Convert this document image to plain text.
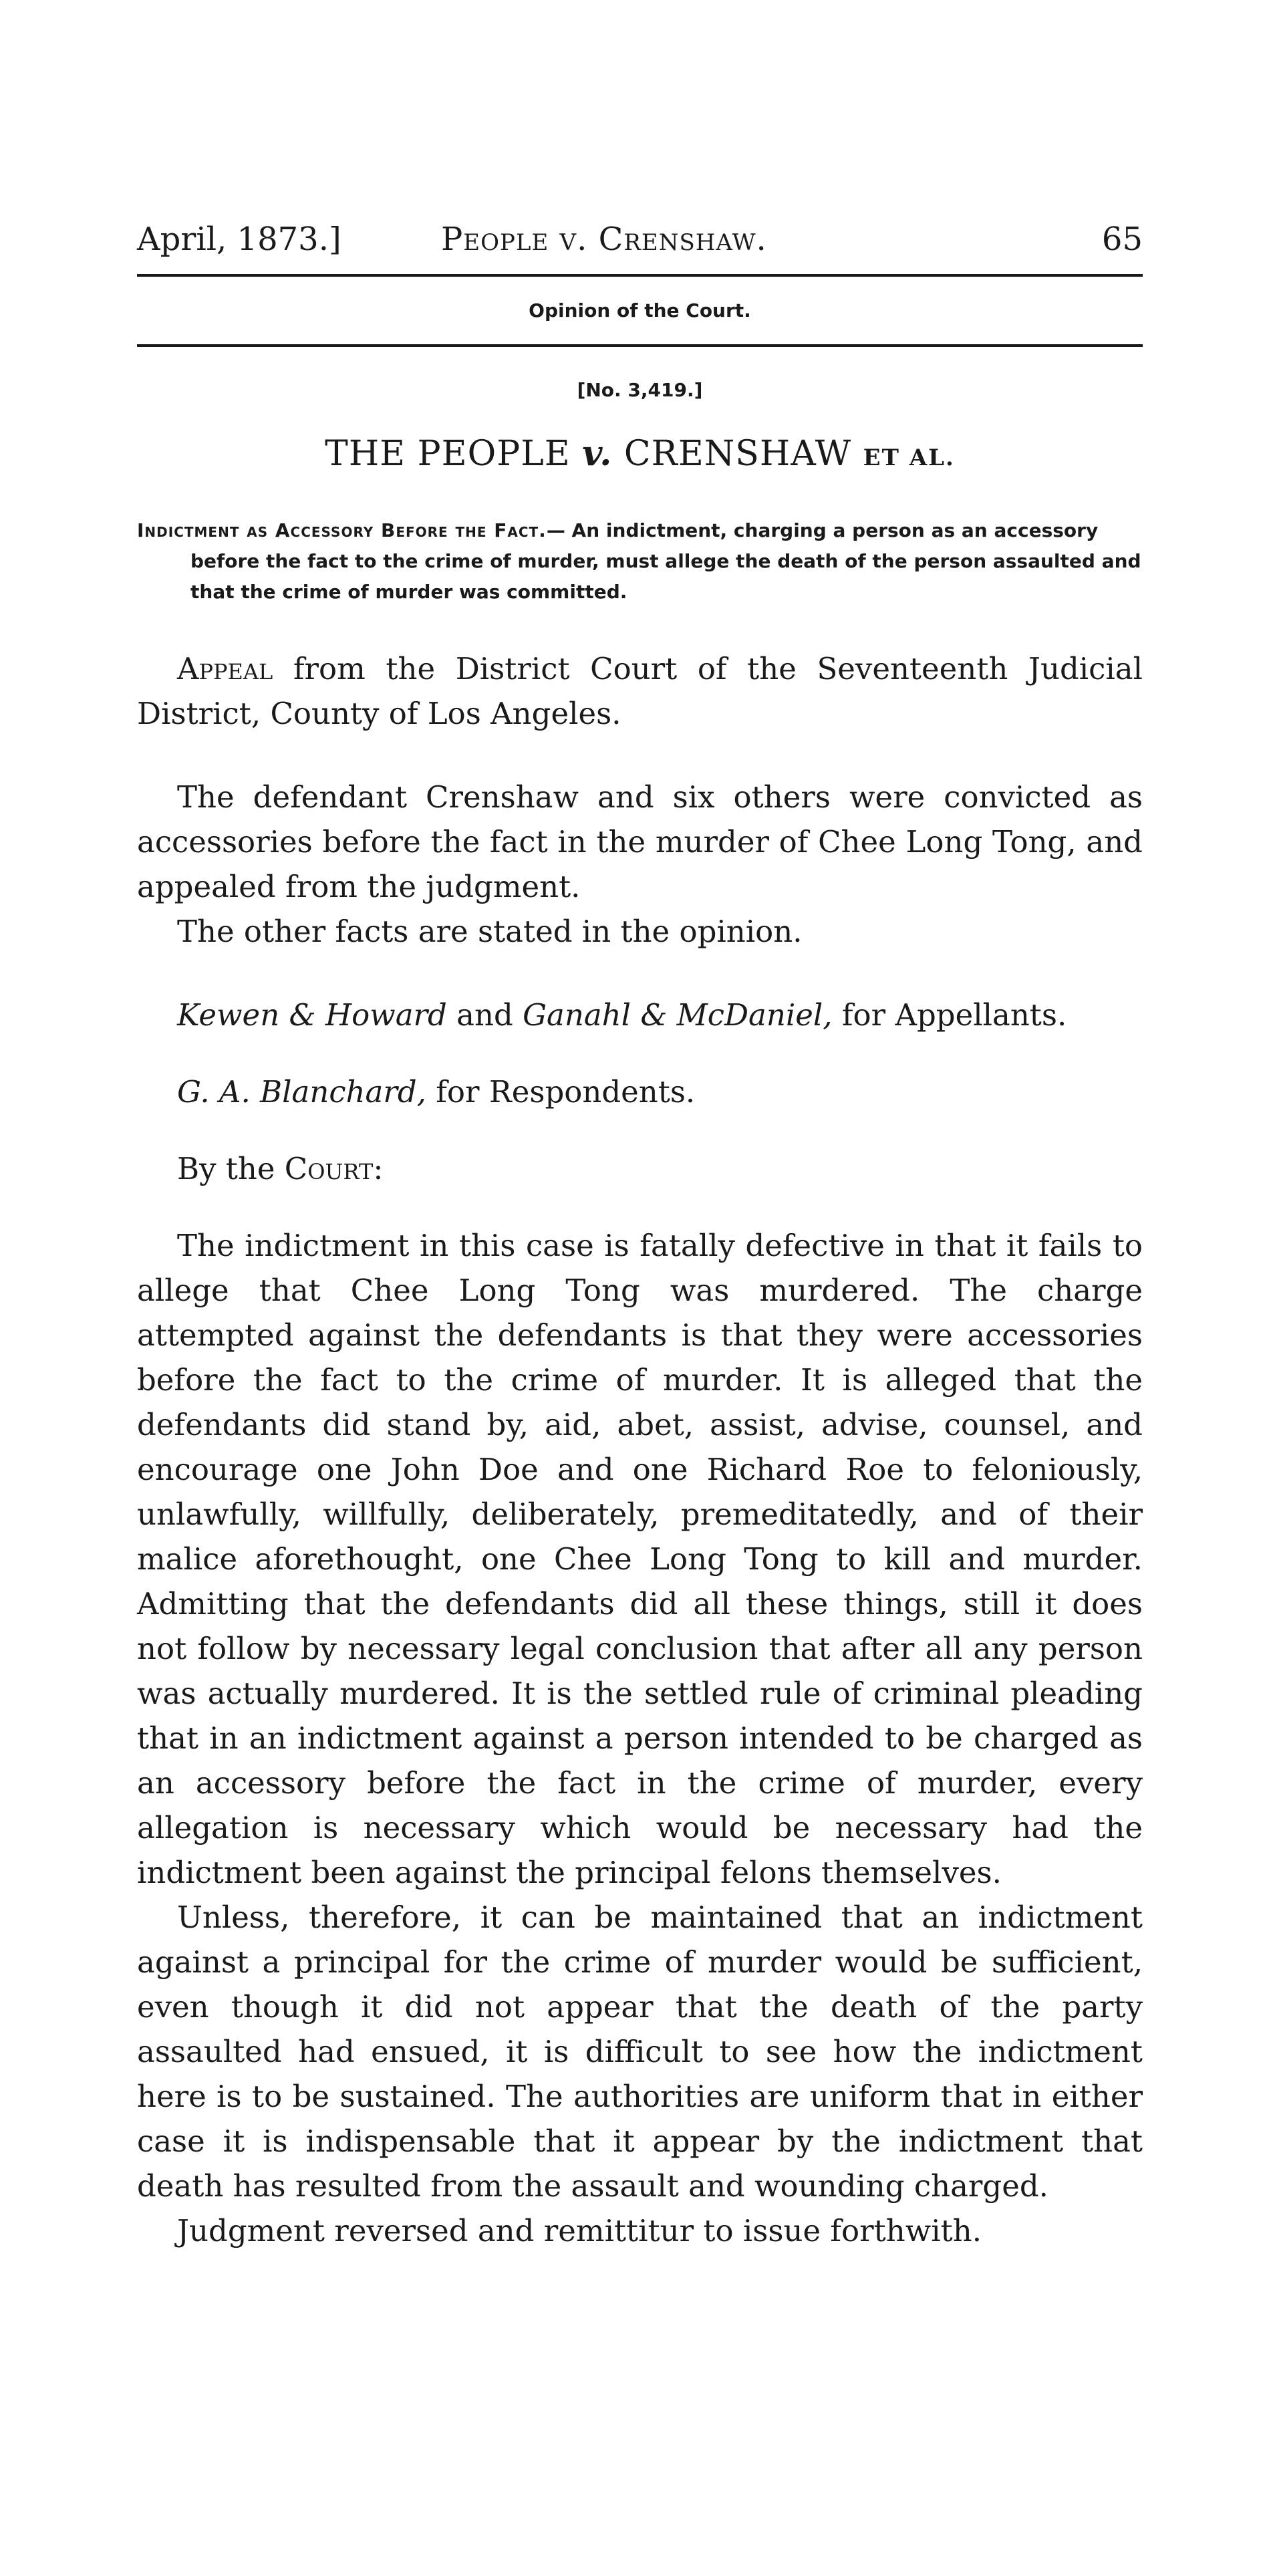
April, 1873.]	People v. Crenshaw.	65
Opinion of the Court.
[No. 3,419.]
THE PEOPLE v. CRENSHAW ET AL.
Indictment as Accessory Before the Fact.— An indictment, charging a person as an accessory before the fact to the crime of murder, must allege the death of the person assaulted and that the crime of murder was committed.

Appeal from the District Court of the Seventeenth Judicial District, County of Los Angeles.

The defendant Crenshaw and six others were convicted as accessories before the fact in the murder of Chee Long Tong, and appealed from the judgment.

The other facts are stated in the opinion.

Kewen & Howard and Ganahl & McDaniel, for Appellants.

G. A. Blanchard, for Respondents.

By the Court:

The indictment in this case is fatally defective in that it fails to allege that Chee Long Tong was murdered. The charge attempted against the defendants is that they were accessories before the fact to the crime of murder. It is alleged that the defendants did stand by, aid, abet, assist, advise, counsel, and encourage one John Doe and one Richard Roe to feloniously, unlawfully, willfully, deliberately, premeditatedly, and of their malice aforethought, one Chee Long Tong to kill and murder. Admitting that the defendants did all these things, still it does not follow by necessary legal conclusion that after all any person was actually murdered. It is the settled rule of criminal pleading that in an indictment against a person intended to be charged as an accessory before the fact in the crime of murder, every allegation is necessary which would be necessary had the indictment been against the principal felons themselves.

Unless, therefore, it can be maintained that an indictment against a principal for the crime of murder would be sufficient, even though it did not appear that the death of the party assaulted had ensued, it is difficult to see how the indictment here is to be sustained. The authorities are uniform that in either case it is indispensable that it appear by the indictment that death has resulted from the assault and wounding charged.

Judgment reversed and remittitur to issue forthwith.
